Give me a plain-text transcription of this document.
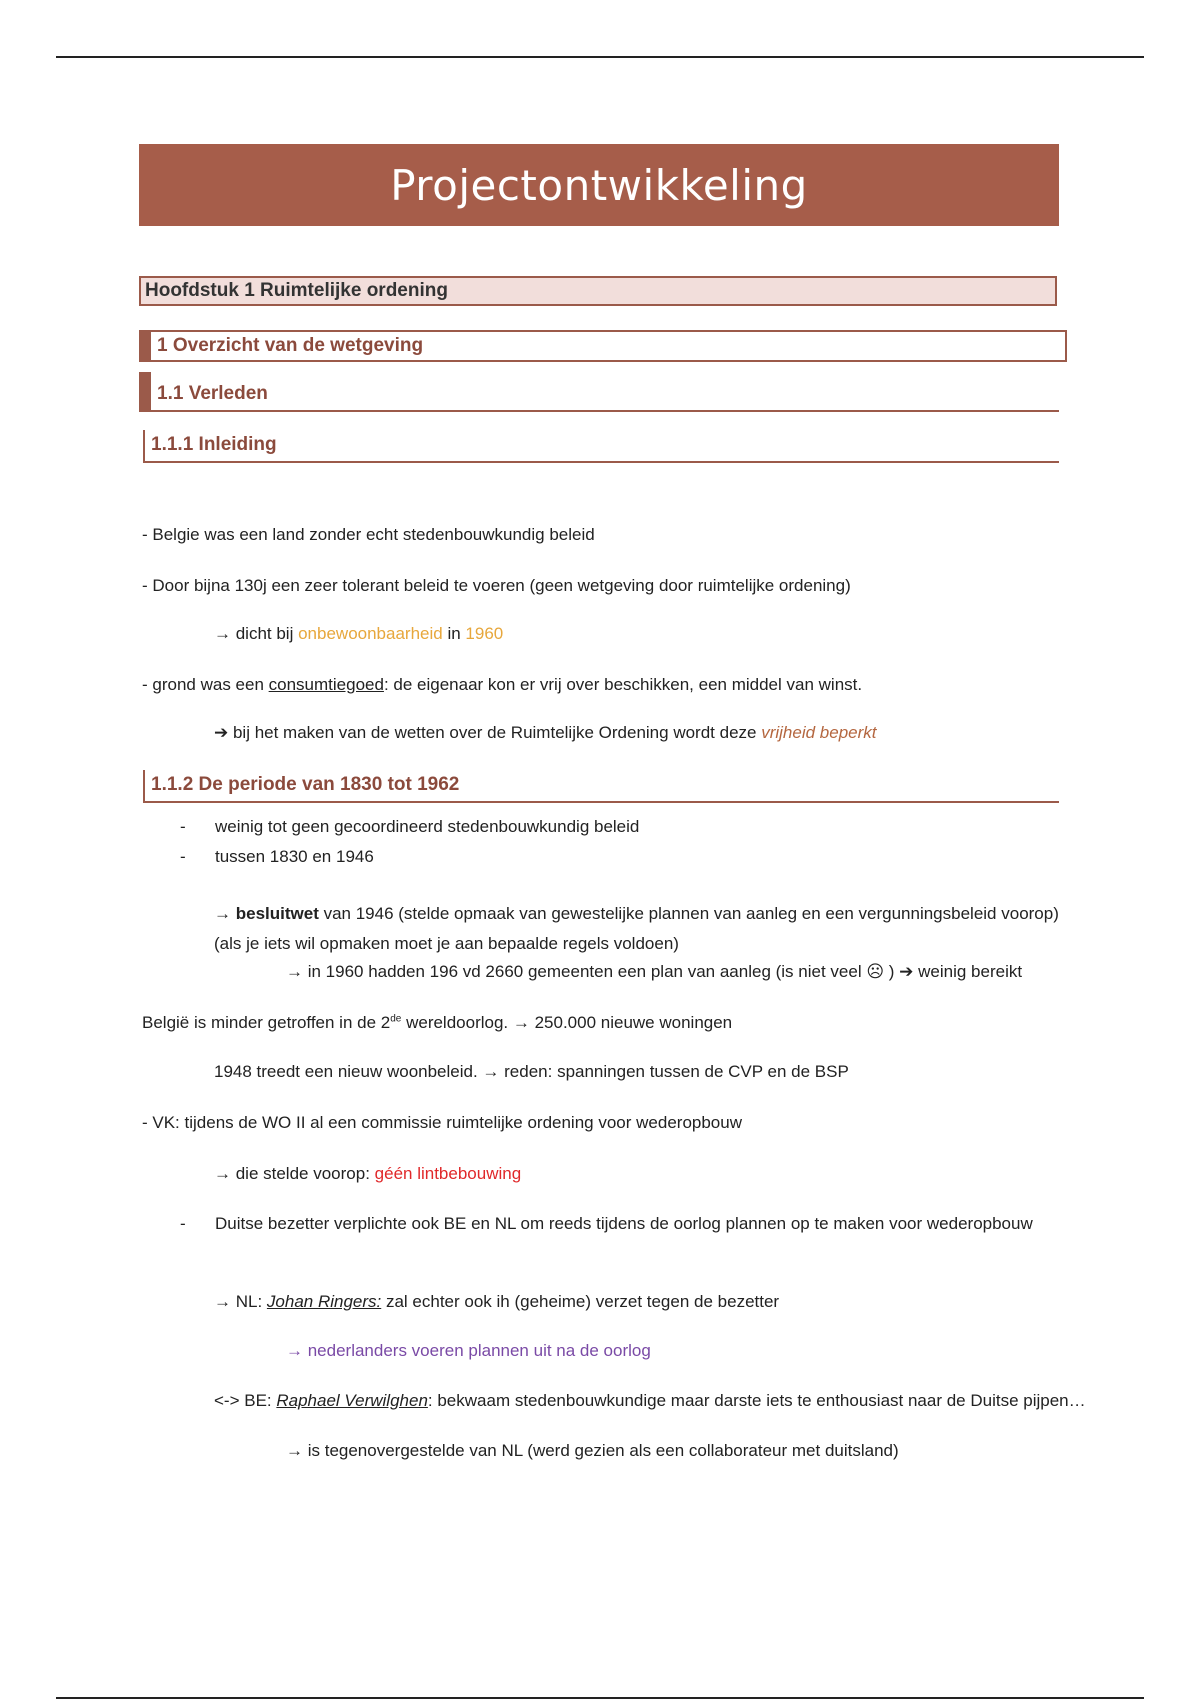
Projectontwikkeling
Hoofdstuk 1 Ruimtelijke ordening
1 Overzicht van de wetgeving
1.1 Verleden
1.1.1 Inleiding
- Belgie was een land zonder echt stedenbouwkundig beleid
- Door bijna 130j een zeer tolerant beleid te voeren (geen wetgeving door ruimtelijke ordening)
→ dicht bij onbewoonbaarheid in 1960
- grond was een consumtiegoed: de eigenaar kon er vrij over beschikken, een middel van winst.
➔ bij het maken van de wetten over de Ruimtelijke Ordening wordt deze vrijheid beperkt
1.1.2 De periode van 1830 tot 1962
- weinig tot geen gecoordineerd stedenbouwkundig beleid
- tussen 1830 en 1946
→ besluitwet van 1946 (stelde opmaak van gewestelijke plannen van aanleg en een vergunningsbeleid voorop)
(als je iets wil opmaken moet je aan bepaalde regels voldoen)
→ in 1960 hadden 196 vd 2660 gemeenten een plan van aanleg (is niet veel ☹ ) ➔ weinig bereikt
België is minder getroffen in de 2de wereldoorlog. → 250.000 nieuwe woningen
1948 treedt een nieuw woonbeleid. → reden: spanningen tussen de CVP en de BSP
- VK: tijdens de WO II al een commissie ruimtelijke ordening voor wederopbouw
→ die stelde voorop: géén lintbebouwing
- Duitse bezetter verplichte ook BE en NL om reeds tijdens de oorlog plannen op te maken voor wederopbouw
→ NL: Johan Ringers: zal echter ook ih (geheime) verzet tegen de bezetter
→ nederlanders voeren plannen uit na de oorlog
<-> BE: Raphael Verwilghen: bekwaam stedenbouwkundige maar darste iets te enthousiast naar de Duitse pijpen…
→ is tegenovergestelde van NL (werd gezien als een collaborateur met duitsland)
